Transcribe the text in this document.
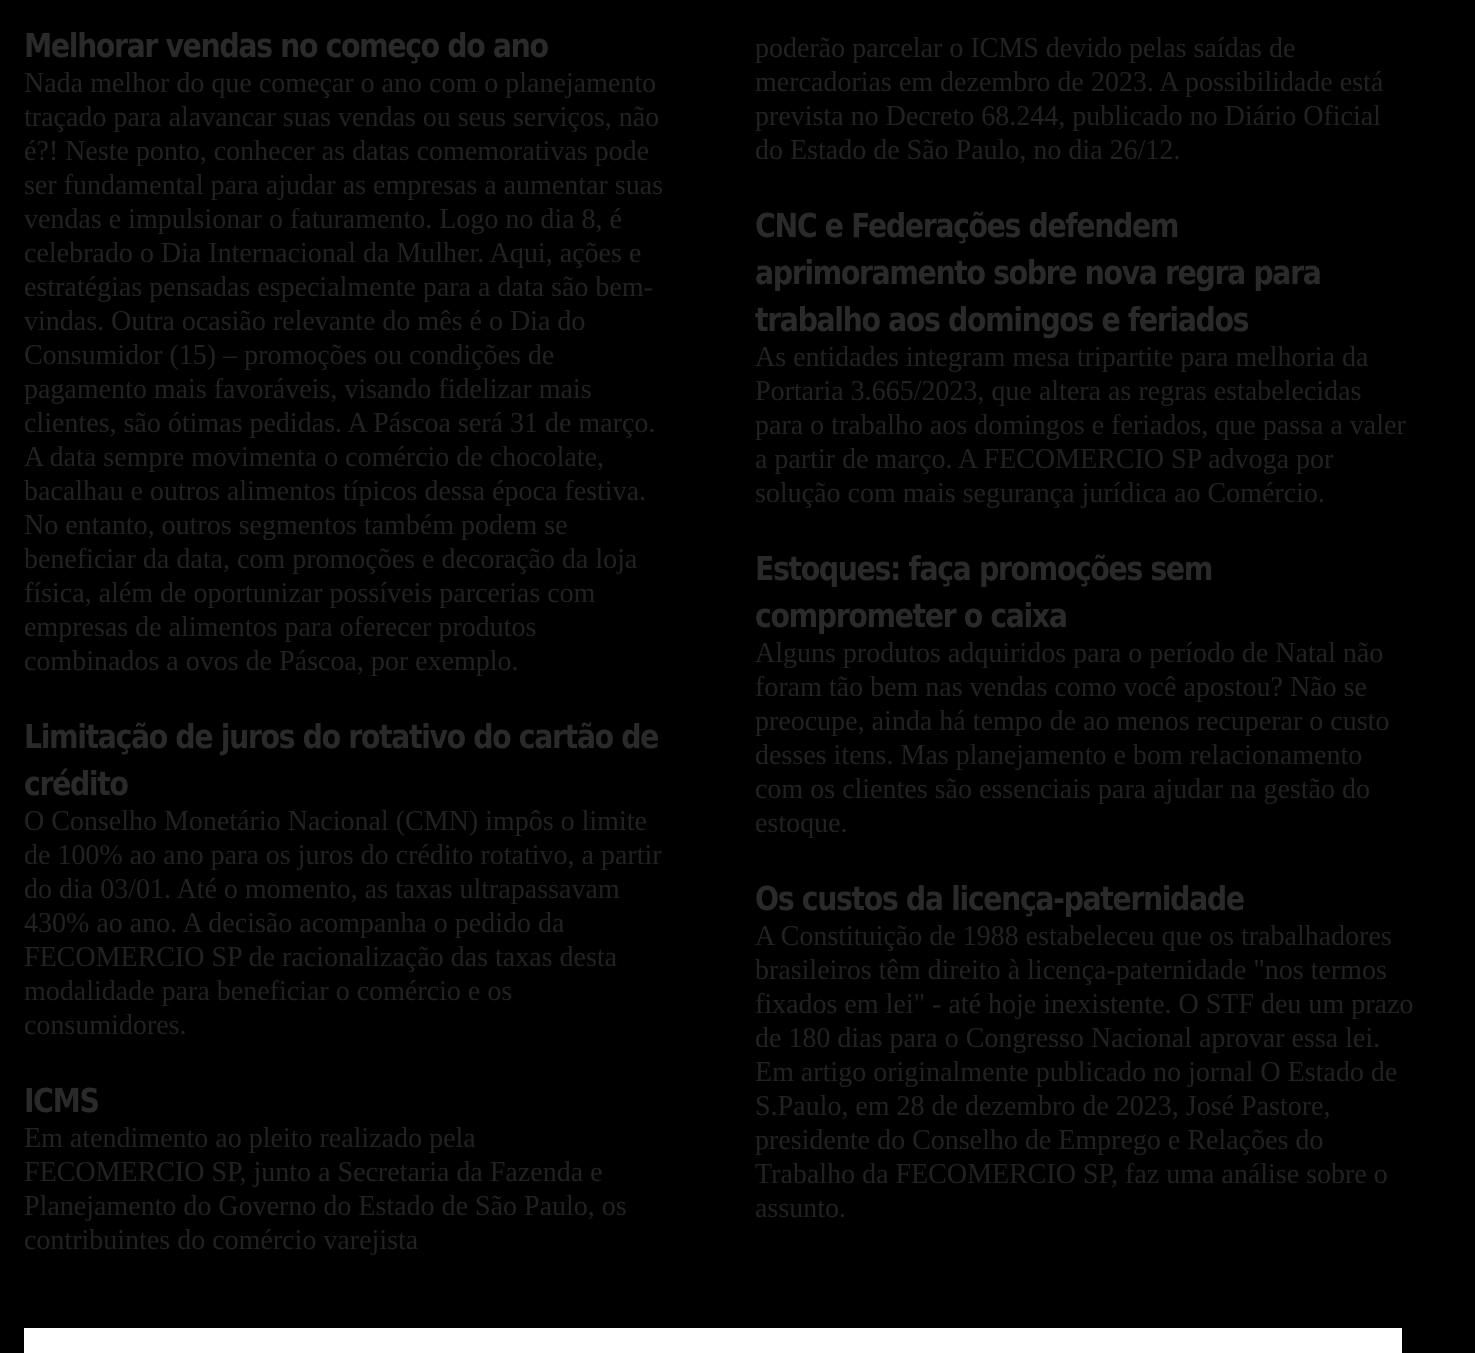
Melhorar vendas no começo do ano

Nada melhor do que começar o ano com o planejamento traçado para alavancar suas vendas ou seus serviços, não é?! Neste ponto, conhecer as datas comemorativas pode ser fundamental para ajudar as empresas a aumentar suas vendas e impulsionar o faturamento. Logo no dia 8, é celebrado o Dia Internacional da Mulher. Aqui, ações e estratégias pensadas especialmente para a data são bem-vindas. Outra ocasião relevante do mês é o Dia do Consumidor (15) – promoções ou condições de pagamento mais favoráveis, visando fidelizar mais clientes, são ótimas pedidas. A Páscoa será 31 de março. A data sempre movimenta o comércio de chocolate, bacalhau e outros alimentos típicos dessa época festiva. No entanto, outros segmentos também podem se beneficiar da data, com promoções e decoração da loja física, além de oportunizar possíveis parcerias com empresas de alimentos para oferecer produtos combinados a ovos de Páscoa, por exemplo.

Limitação de juros do rotativo do cartão de crédito

O Conselho Monetário Nacional (CMN) impôs o limite de 100% ao ano para os juros do crédito rotativo, a partir do dia 03/01. Até o momento, as taxas ultrapassavam 430% ao ano. A decisão acompanha o pedido da FECOMERCIO SP de racionalização das taxas desta modalidade para beneficiar o comércio e os consumidores.

ICMS

Em atendimento ao pleito realizado pela FECOMERCIO SP, junto a Secretaria da Fazenda e Planejamento do Governo do Estado de São Paulo, os contribuintes do comércio varejista

poderão parcelar o ICMS devido pelas saídas de mercadorias em dezembro de 2023. A possibilidade está prevista no Decreto 68.244, publicado no Diário Oficial do Estado de São Paulo, no dia 26/12.

CNC e Federações defendem aprimoramento sobre nova regra para trabalho aos domingos e feriados

As entidades integram mesa tripartite para melhoria da Portaria 3.665/2023, que altera as regras estabelecidas para o trabalho aos domingos e feriados, que passa a valer a partir de março. A FECOMERCIO SP advoga por solução com mais segurança jurídica ao Comércio.

Estoques: faça promoções sem comprometer o caixa

Alguns produtos adquiridos para o período de Natal não foram tão bem nas vendas como você apostou? Não se preocupe, ainda há tempo de ao menos recuperar o custo desses itens. Mas planejamento e bom relacionamento com os clientes são essenciais para ajudar na gestão do estoque.

Os custos da licença-paternidade

A Constituição de 1988 estabeleceu que os trabalhadores brasileiros têm direito à licença-paternidade "nos termos fixados em lei" - até hoje inexistente. O STF deu um prazo de 180 dias para o Congresso Nacional aprovar essa lei. Em artigo originalmente publicado no jornal O Estado de S.Paulo, em 28 de dezembro de 2023, José Pastore, presidente do Conselho de Emprego e Relações do Trabalho da FECOMERCIO SP, faz uma análise sobre o assunto.
